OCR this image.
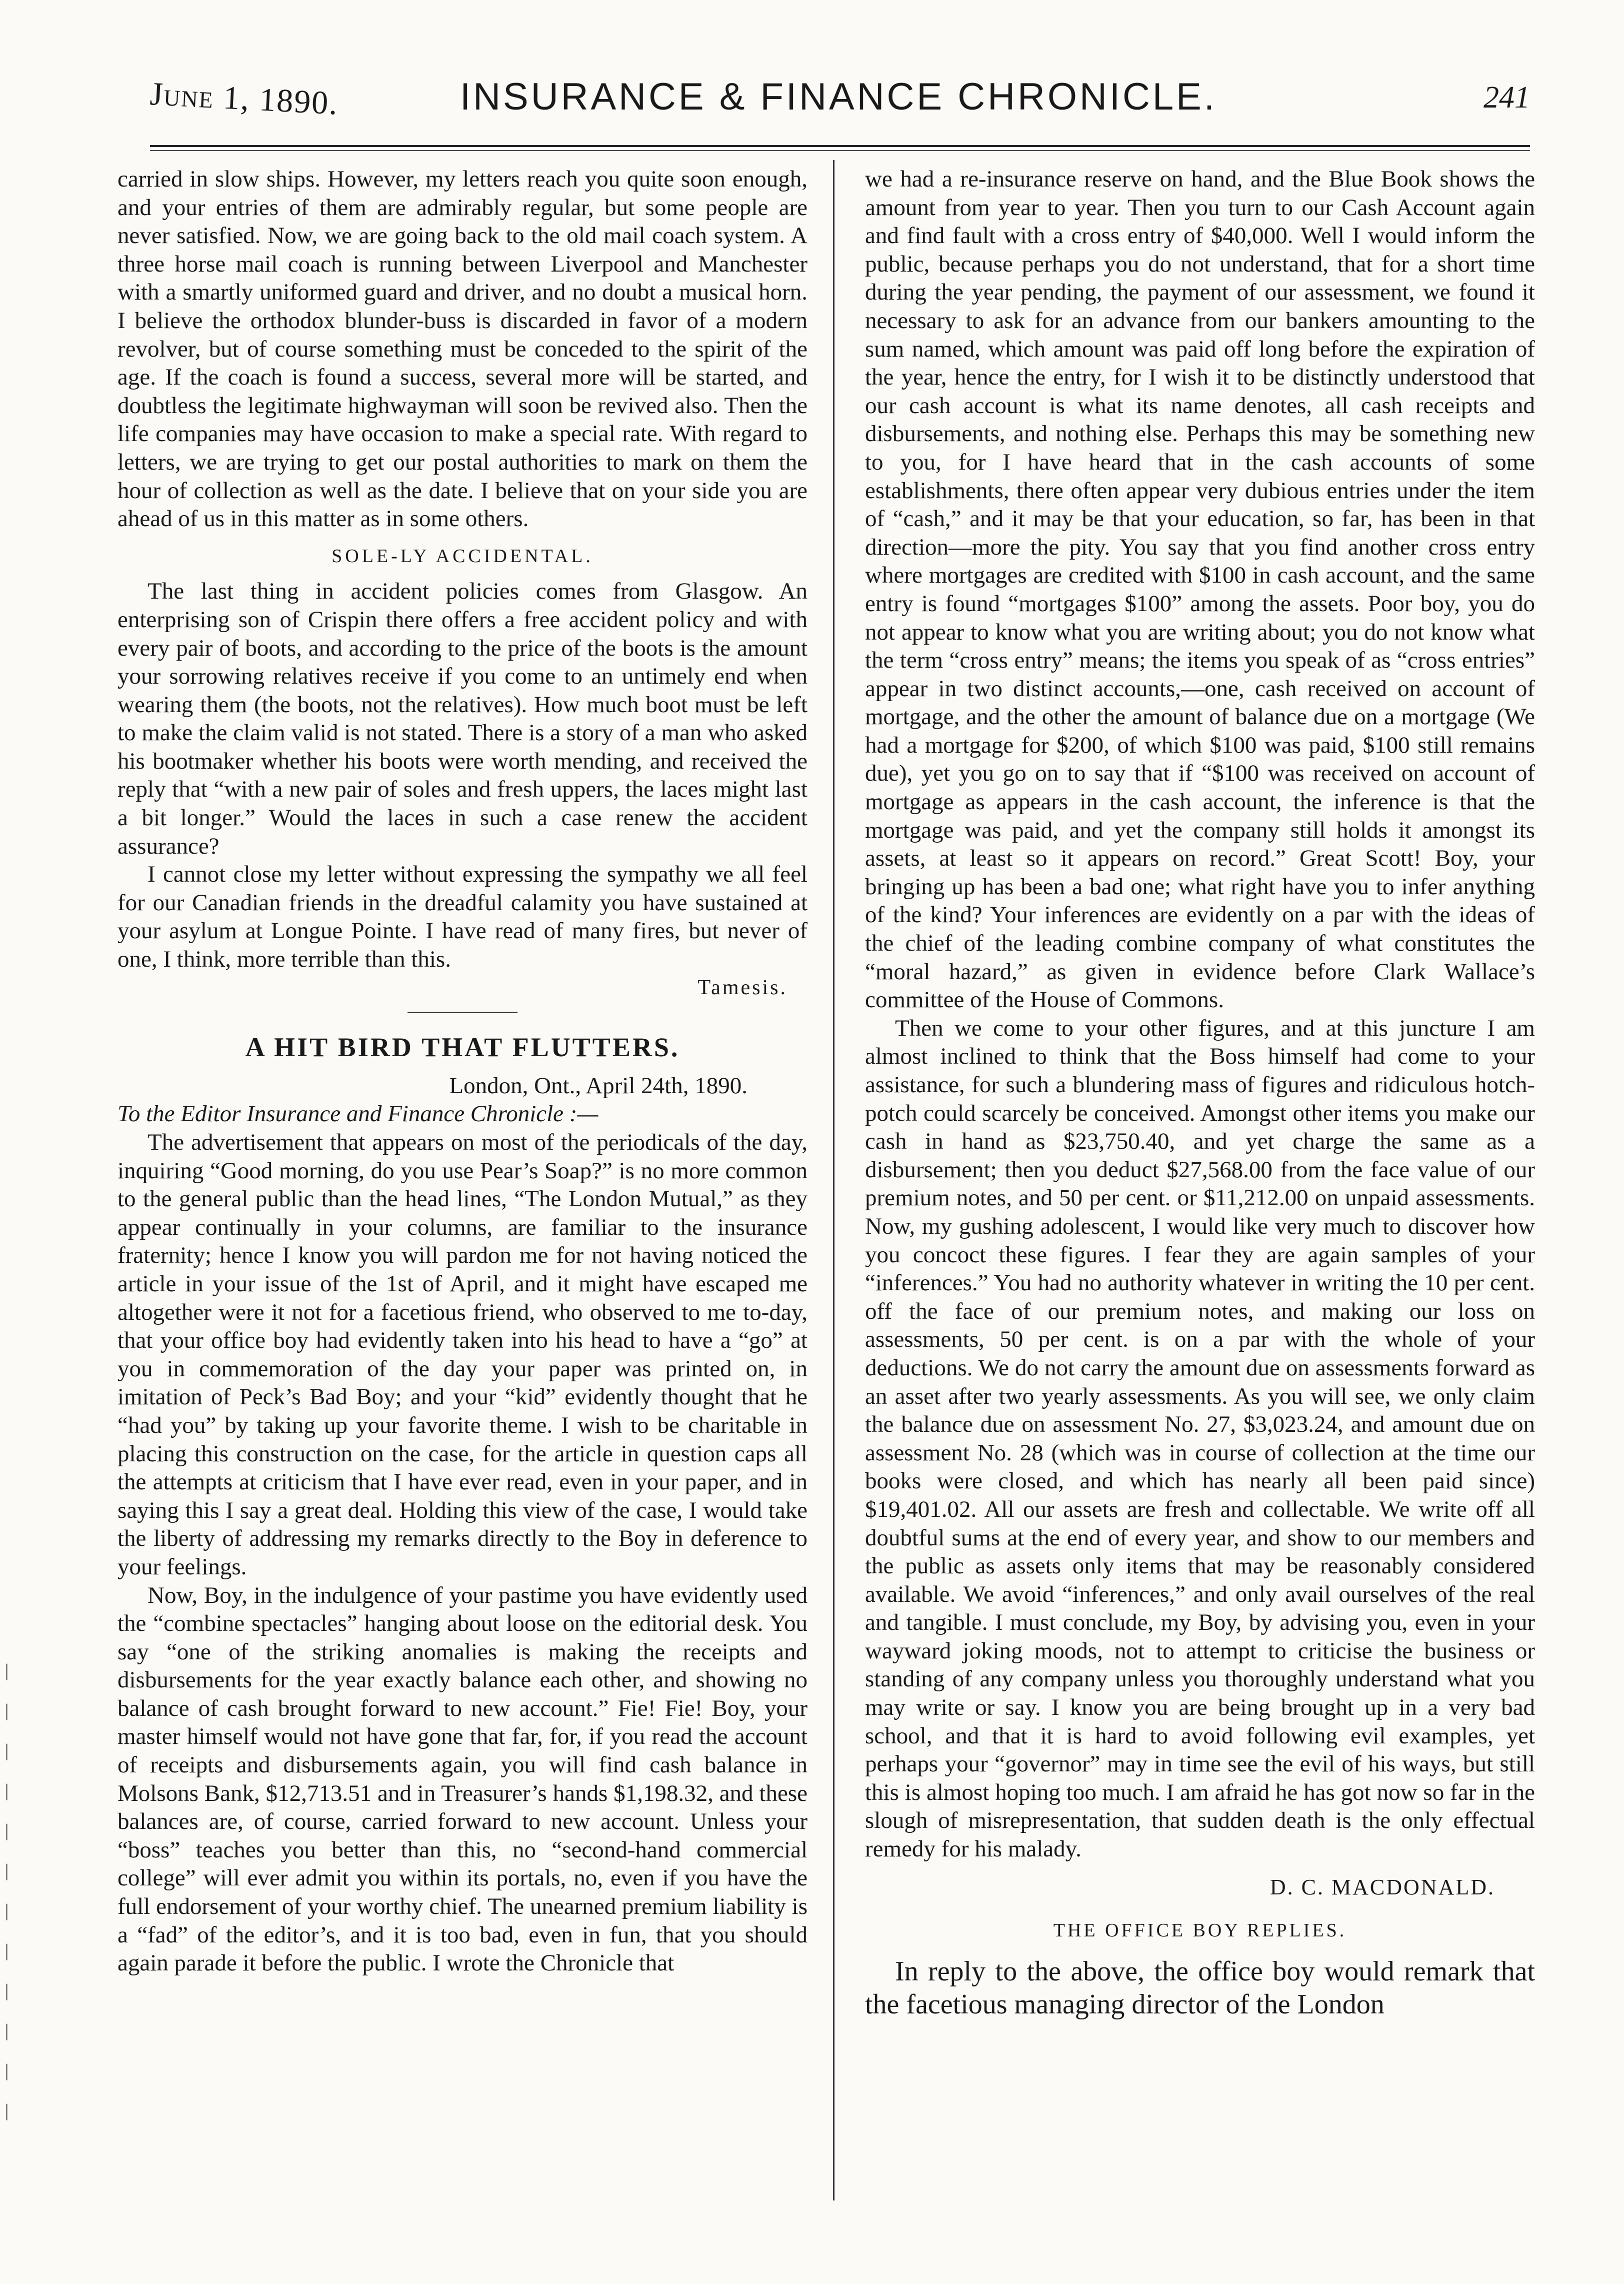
June 1, 1890.	INSURANCE & FINANCE CHRONICLE.	241

carried in slow ships. However, my letters reach you quite soon enough, and your entries of them are admirably regular, but some people are never satisfied. Now, we are going back to the old mail coach system. A three horse mail coach is running between Liverpool and Manchester with a smartly uniformed guard and driver, and no doubt a musical horn. I believe the orthodox blunder-buss is discarded in favor of a modern revolver, but of course something must be conceded to the spirit of the age. If the coach is found a success, several more will be started, and doubtless the legitimate highwayman will soon be revived also. Then the life companies may have occasion to make a special rate. With regard to letters, we are trying to get our postal authorities to mark on them the hour of collection as well as the date. I believe that on your side you are ahead of us in this matter as in some others.

SOLE-LY ACCIDENTAL.

The last thing in accident policies comes from Glasgow. An enterprising son of Crispin there offers a free accident policy and with every pair of boots, and according to the price of the boots is the amount your sorrowing relatives receive if you come to an untimely end when wearing them (the boots, not the relatives). How much boot must be left to make the claim valid is not stated. There is a story of a man who asked his bootmaker whether his boots were worth mending, and received the reply that “with a new pair of soles and fresh uppers, the laces might last a bit longer.” Would the laces in such a case renew the accident assurance?

I cannot close my letter without expressing the sympathy we all feel for our Canadian friends in the dreadful calamity you have sustained at your asylum at Longue Pointe. I have read of many fires, but never of one, I think, more terrible than this.

Tamesis.
A HIT BIRD THAT FLUTTERS.
London, Ont., April 24th, 1890.

To the Editor Insurance and Finance Chronicle :—

The advertisement that appears on most of the periodicals of the day, inquiring “Good morning, do you use Pear’s Soap?” is no more common to the general public than the head lines, “The London Mutual,” as they appear continually in your columns, are familiar to the insurance fraternity; hence I know you will pardon me for not having noticed the article in your issue of the 1st of April, and it might have escaped me altogether were it not for a facetious friend, who observed to me to-day, that your office boy had evidently taken into his head to have a “go” at you in commemoration of the day your paper was printed on, in imitation of Peck’s Bad Boy; and your “kid” evidently thought that he “had you” by taking up your favorite theme. I wish to be charitable in placing this construction on the case, for the article in question caps all the attempts at criticism that I have ever read, even in your paper, and in saying this I say a great deal. Holding this view of the case, I would take the liberty of addressing my remarks directly to the Boy in deference to your feelings.

Now, Boy, in the indulgence of your pastime you have evidently used the “combine spectacles” hanging about loose on the editorial desk. You say “one of the striking anomalies is making the receipts and disbursements for the year exactly balance each other, and showing no balance of cash brought forward to new account.” Fie! Fie! Boy, your master himself would not have gone that far, for, if you read the account of receipts and disbursements again, you will find cash balance in Molsons Bank, $12,713.51 and in Treasurer’s hands $1,198.32, and these balances are, of course, carried forward to new account. Unless your “boss” teaches you better than this, no “second-hand commercial college” will ever admit you within its portals, no, even if you have the full endorsement of your worthy chief. The unearned premium liability is a “fad” of the editor’s, and it is too bad, even in fun, that you should again parade it before the public. I wrote the Chronicle that

we had a re-insurance reserve on hand, and the Blue Book shows the amount from year to year. Then you turn to our Cash Account again and find fault with a cross entry of $40,000. Well I would inform the public, because perhaps you do not understand, that for a short time during the year pending, the payment of our assessment, we found it necessary to ask for an advance from our bankers amounting to the sum named, which amount was paid off long before the expiration of the year, hence the entry, for I wish it to be distinctly understood that our cash account is what its name denotes, all cash receipts and disbursements, and nothing else. Perhaps this may be something new to you, for I have heard that in the cash accounts of some establishments, there often appear very dubious entries under the item of “cash,” and it may be that your education, so far, has been in that direction—more the pity. You say that you find another cross entry where mortgages are credited with $100 in cash account, and the same entry is found “mortgages $100” among the assets. Poor boy, you do not appear to know what you are writing about; you do not know what the term “cross entry” means; the items you speak of as “cross entries” appear in two distinct accounts,—one, cash received on account of mortgage, and the other the amount of balance due on a mortgage (We had a mortgage for $200, of which $100 was paid, $100 still remains due), yet you go on to say that if “$100 was received on account of mortgage as appears in the cash account, the inference is that the mortgage was paid, and yet the company still holds it amongst its assets, at least so it appears on record.” Great Scott! Boy, your bringing up has been a bad one; what right have you to infer anything of the kind? Your inferences are evidently on a par with the ideas of the chief of the leading combine company of what constitutes the “moral hazard,” as given in evidence before Clark Wallace’s committee of the House of Commons.

Then we come to your other figures, and at this juncture I am almost inclined to think that the Boss himself had come to your assistance, for such a blundering mass of figures and ridiculous hotch-potch could scarcely be conceived. Amongst other items you make our cash in hand as $23,750.40, and yet charge the same as a disbursement; then you deduct $27,568.00 from the face value of our premium notes, and 50 per cent. or $11,212.00 on unpaid assessments. Now, my gushing adolescent, I would like very much to discover how you concoct these figures. I fear they are again samples of your “inferences.” You had no authority whatever in writing the 10 per cent. off the face of our premium notes, and making our loss on assessments, 50 per cent. is on a par with the whole of your deductions. We do not carry the amount due on assessments forward as an asset after two yearly assessments. As you will see, we only claim the balance due on assessment No. 27, $3,023.24, and amount due on assessment No. 28 (which was in course of collection at the time our books were closed, and which has nearly all been paid since) $19,401.02. All our assets are fresh and collectable. We write off all doubtful sums at the end of every year, and show to our members and the public as assets only items that may be reasonably considered available. We avoid “inferences,” and only avail ourselves of the real and tangible. I must conclude, my Boy, by advising you, even in your wayward joking moods, not to attempt to criticise the business or standing of any company unless you thoroughly understand what you may write or say. I know you are being brought up in a very bad school, and that it is hard to avoid following evil examples, yet perhaps your “governor” may in time see the evil of his ways, but still this is almost hoping too much. I am afraid he has got now so far in the slough of misrepresentation, that sudden death is the only effectual remedy for his malady.

D. C. MACDONALD.
THE OFFICE BOY REPLIES.

In reply to the above, the office boy would remark that the facetious managing director of the London

|
|
|
|
|
|
|
|
|
|
|
|
